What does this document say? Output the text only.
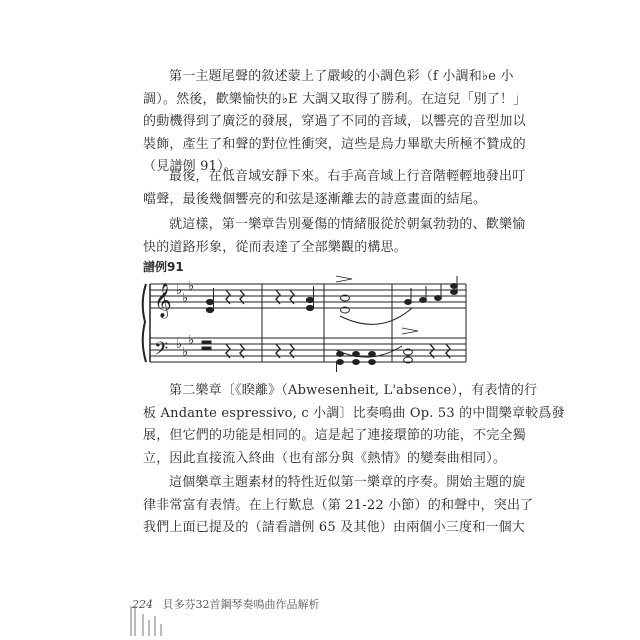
第一主題尾聲的敘述蒙上了嚴峻的小調色彩（f 小調和♭e 小
調）。然後，歡樂愉快的♭E 大調又取得了勝利。在這兒「別了！」
的動機得到了廣泛的發展，穿過了不同的音域，以響亮的音型加以
裝飾，產生了和聲的對位性衝突，這些是烏力畢歇夫所極不贊成的
（見譜例 91）。
最後，在低音域安靜下來。右手高音域上行音階輕輕地發出叮
噹聲，最後幾個響亮的和弦是逐漸離去的詩意畫面的結尾。
就這樣，第一樂章告別憂傷的情緒服從於朝氣勃勃的、歡樂愉
快的道路形象，從而表達了全部樂觀的構思。
譜例91
𝄞
𝄢
♭
♭
♭
♭
♭
♭
第二樂章〔《睽離》（Abwesenheit, L'absence），有表情的行
板 Andante espressivo, c 小調〕比奏鳴曲 Op. 53 的中間樂章較爲發
展，但它們的功能是相同的。這是起了連接環節的功能，不完全獨
立，因此直接流入終曲（也有部分與《熱情》的變奏曲相同）。
這個樂章主題素材的特性近似第一樂章的序奏。開始主題的旋
律非常富有表情。在上行歎息（第 21-22 小節）的和聲中，突出了
我們上面已提及的（請看譜例 65 及其他）由兩個小三度和一個大
224 貝多芬32首鋼琴奏鳴曲作品解析
